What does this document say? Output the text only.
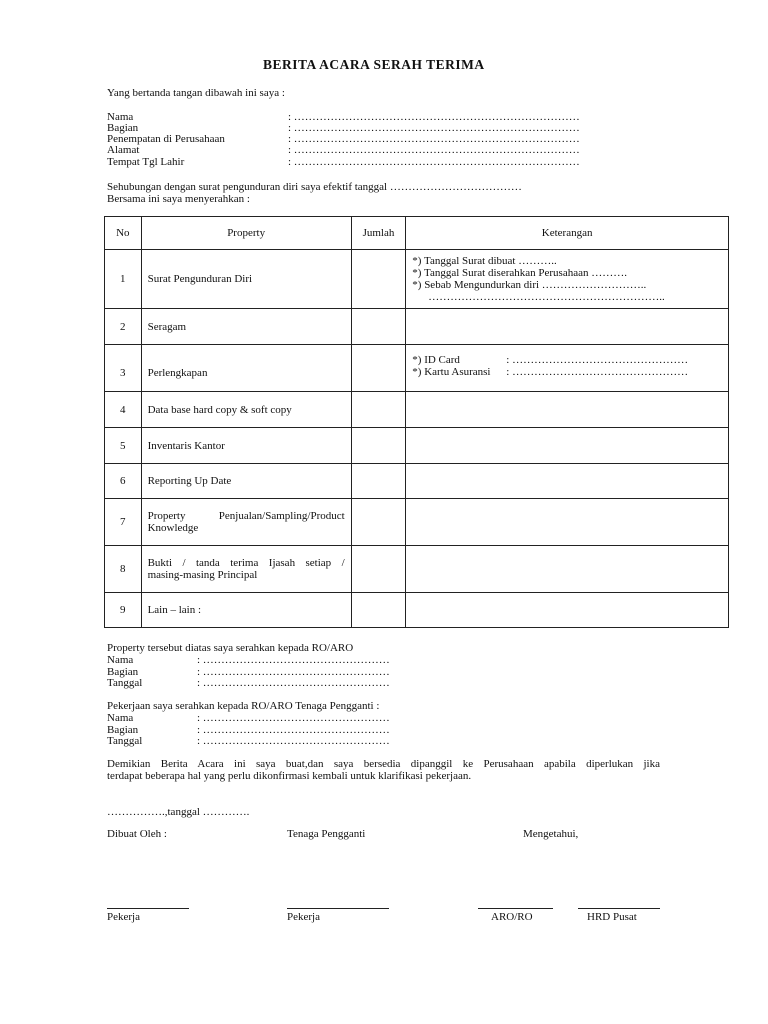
BERITA ACARA SERAH TERIMA
Yang bertanda tangan dibawah ini saya :
Nama	: ……………………………………………………………………
Bagian	: ……………………………………………………………………
Penempatan di Perusahaan	: ……………………………………………………………………
Alamat	: ……………………………………………………………………
Tempat Tgl Lahir	: ……………………………………………………………………
Sehubungan dengan surat pengunduran diri saya efektif tanggal ………………………………
Bersama ini saya menyerahkan :
No	Property	Jumlah	Keterangan
1	Surat Pengunduran Diri		*) Tanggal Surat dibuat ………..
*) Tanggal Surat diserahkan Perusahaan ……….
*) Sebab Mengundurkan diri ………………………..
………………………………………………………..

2	Seragam		
3	Perlengkapan		*) ID Card : …………………………………………
*) Kartu Asuransi : …………………………………………

4	Data base hard copy & soft copy		
5	Inventaris Kantor		
6	Reporting Up Date		
7	Property Penjualan/Sampling/Product
Knowledge		
8	Bukti / tanda terima Ijasah setiap /
masing-masing Principal		
9	Lain – lain :		
Property tersebut diatas saya serahkan kepada RO/ARO
Nama	: ……………………………………………
Bagian	: ……………………………………………
Tanggal	: ……………………………………………
Pekerjaan saya serahkan kepada RO/ARO Tenaga Pengganti :
Nama	: ……………………………………………
Bagian	: ……………………………………………
Tanggal	: ……………………………………………
Demikian Berita Acara ini saya buat,dan saya bersedia dipanggil ke Perusahaan apabila diperlukan jika
terdapat beberapa hal yang perlu dikonfirmasi kembali untuk klarifikasi pekerjaan.
…………….,tanggal ………….
Dibuat Oleh :	Tenaga Pengganti	Mengetahui,
Pekerja	Pekerja	ARO/RO	HRD Pusat
